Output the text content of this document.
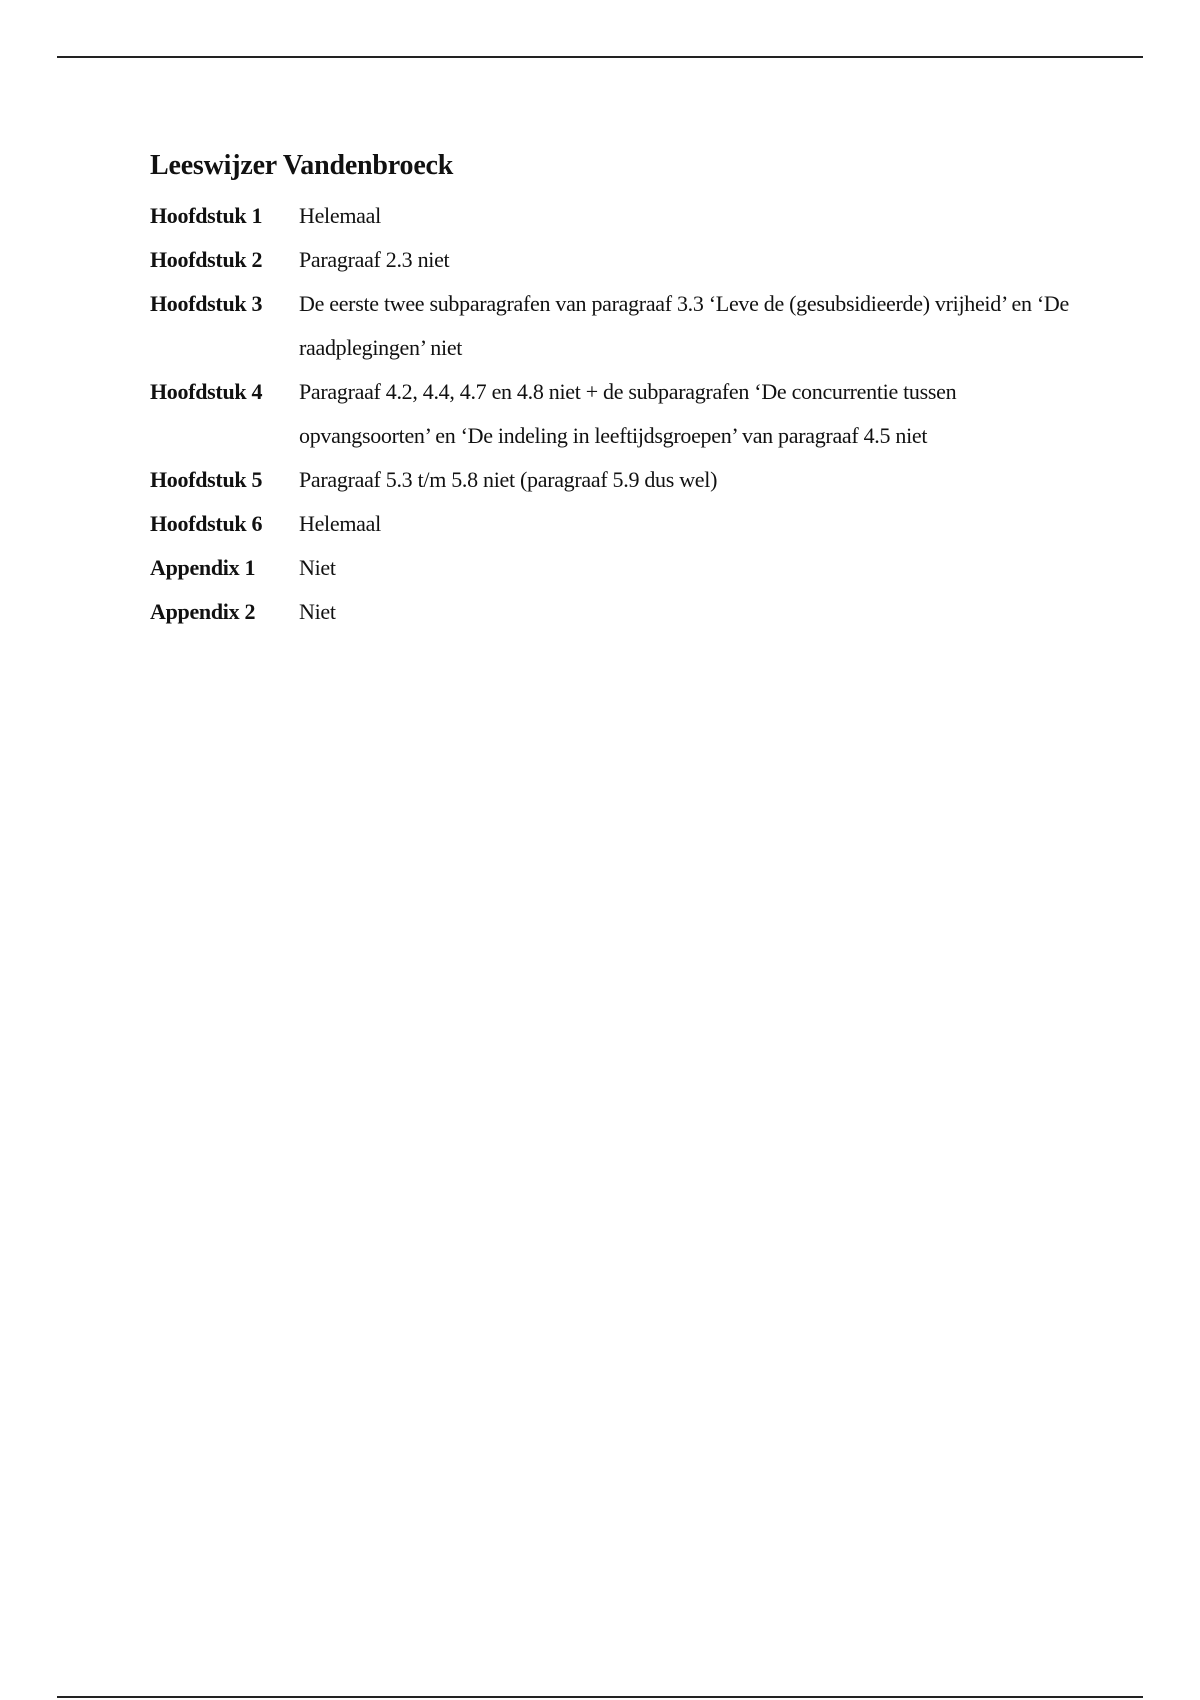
Leeswijzer Vandenbroeck
Hoofdstuk 1	Helemaal
Hoofdstuk 2	Paragraaf 2.3 niet
Hoofdstuk 3	De eerste twee subparagrafen van paragraaf 3.3 ‘Leve de (gesubsidieerde) vrijheid’ en ‘De raadplegingen’ niet
Hoofdstuk 4	Paragraaf 4.2, 4.4, 4.7 en 4.8 niet + de subparagrafen ‘De concurrentie tussen opvangsoorten’ en ‘De indeling in leeftijdsgroepen’ van paragraaf 4.5 niet
Hoofdstuk 5	Paragraaf 5.3 t/m 5.8 niet (paragraaf 5.9 dus wel)
Hoofdstuk 6	Helemaal
Appendix 1	Niet
Appendix 2	Niet
